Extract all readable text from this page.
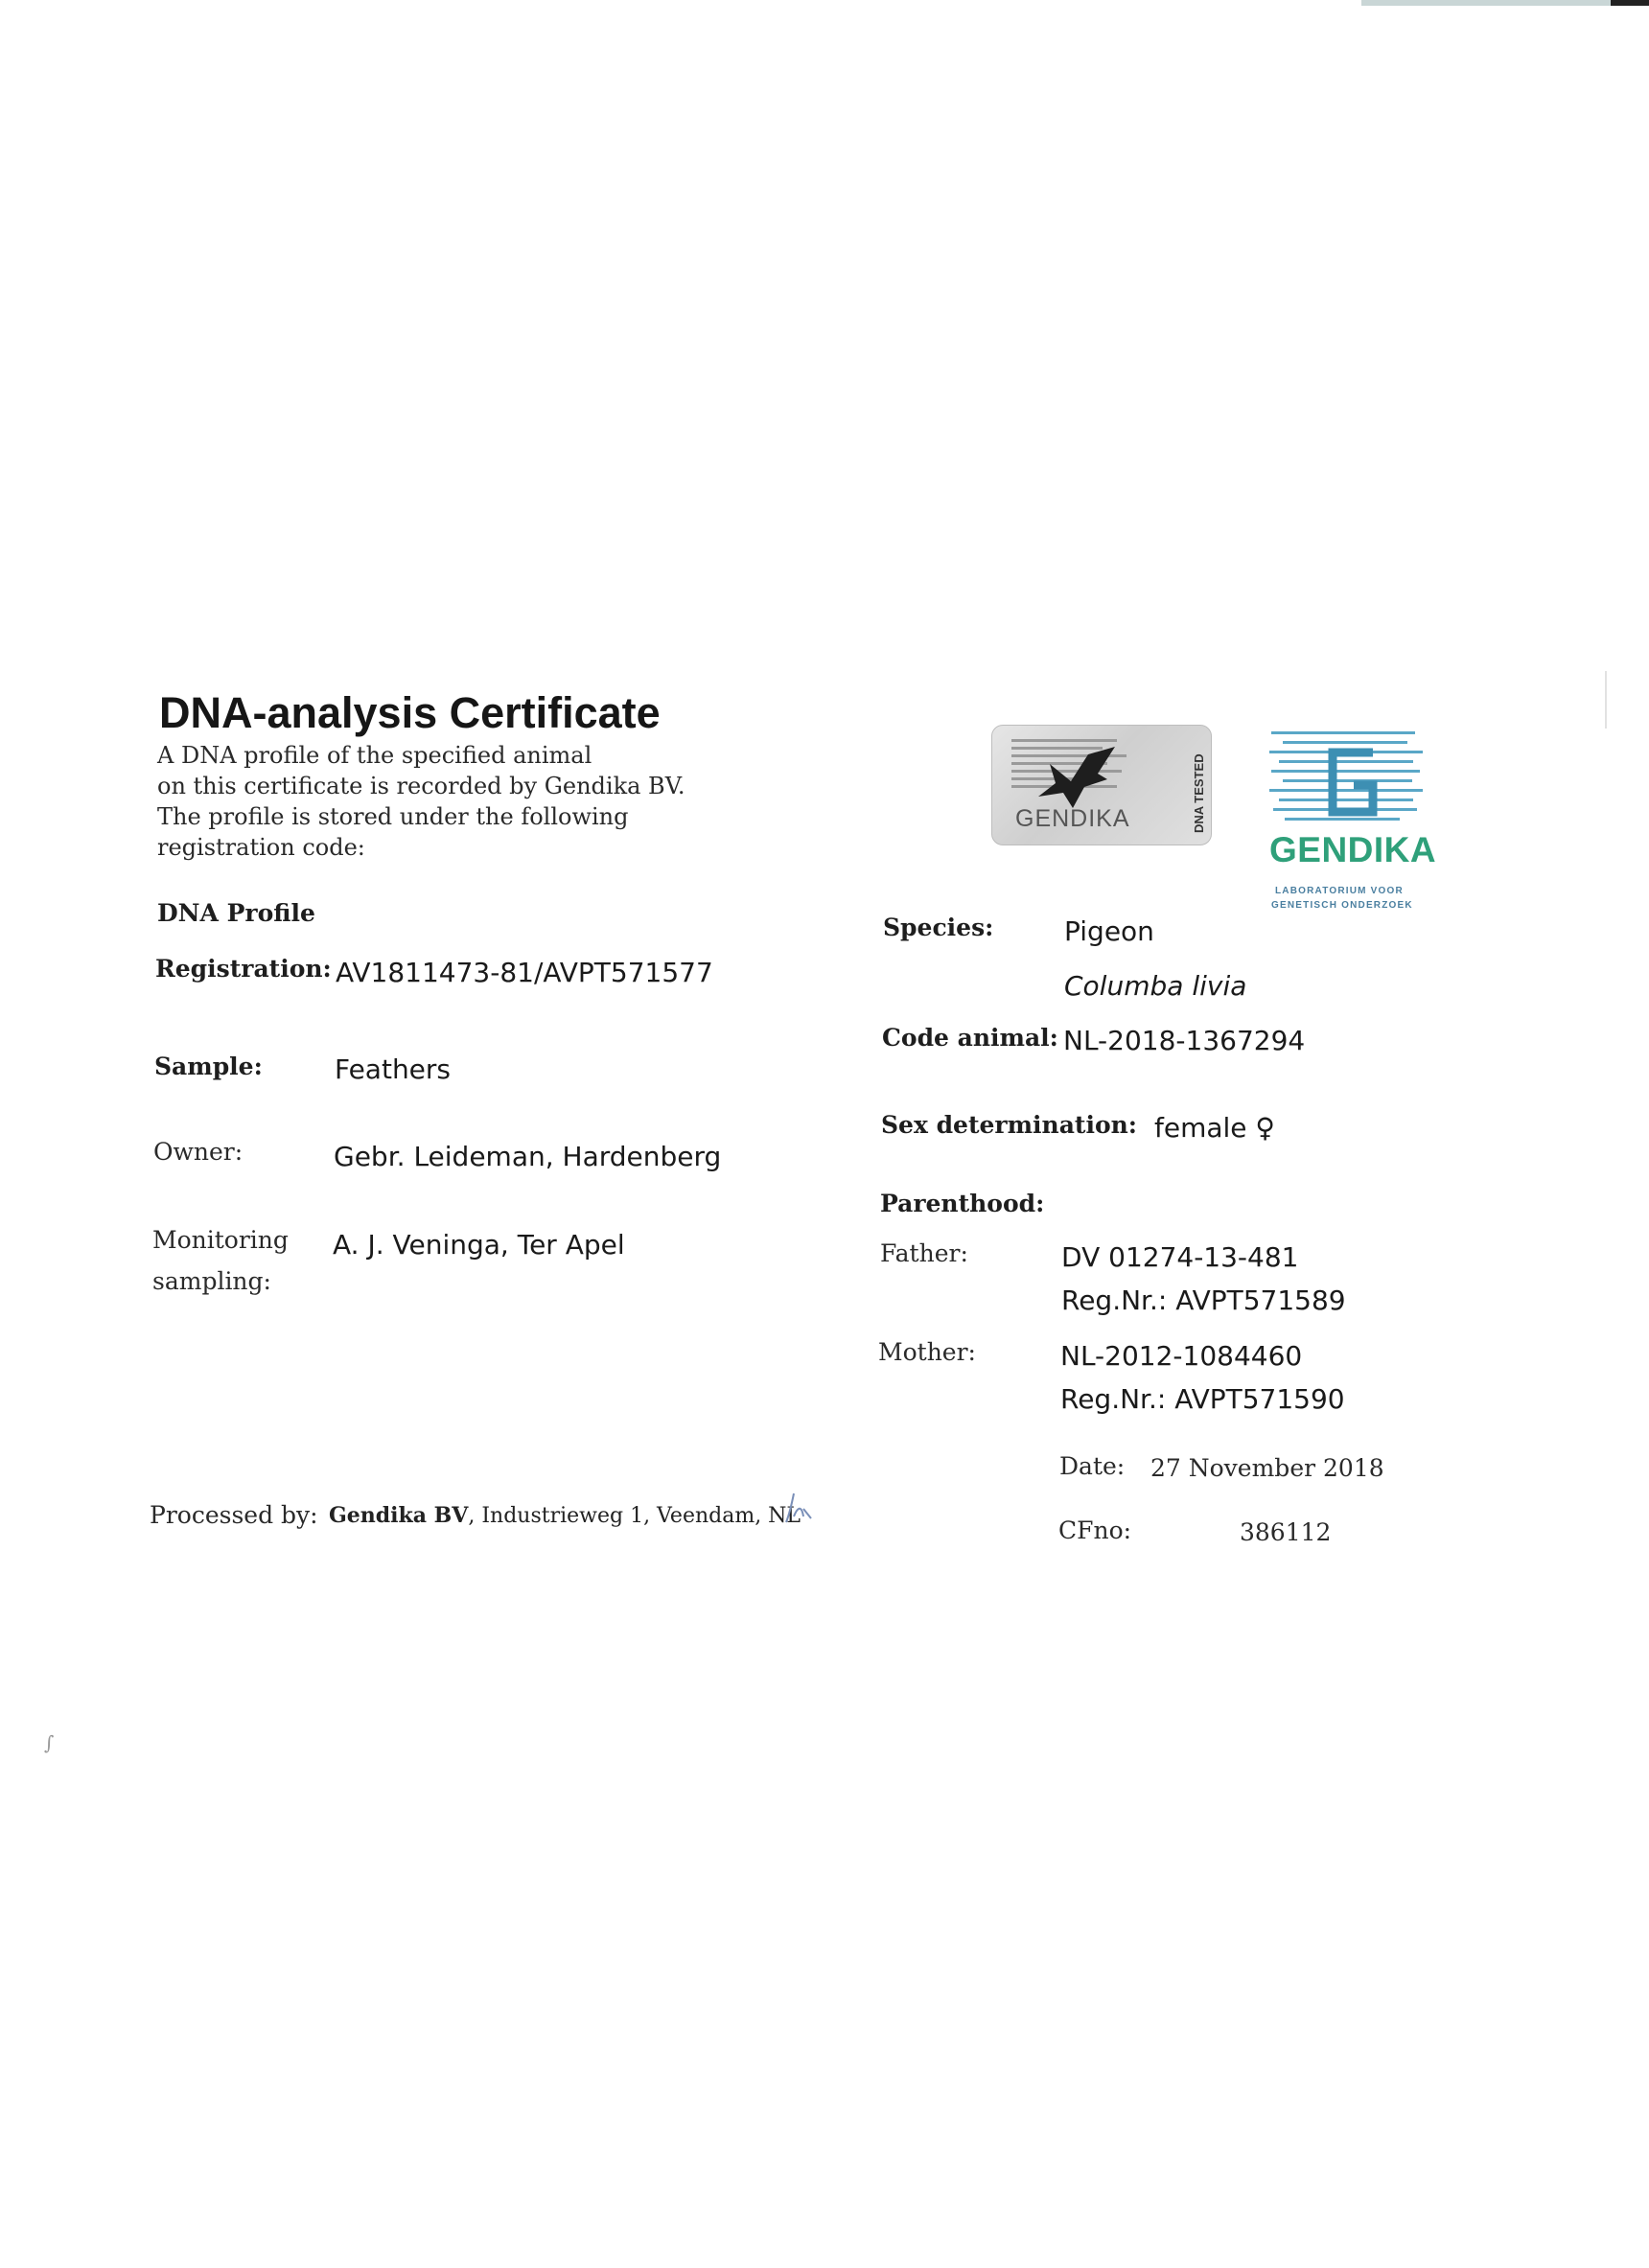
DNA-analysis Certificate
A DNA profile of the specified animal
on this certificate is recorded by Gendika BV.
The profile is stored under the following
registration code:
GENDIKA	DNA TESTED
GENDIKA
LABORATORIUM VOOR
GENETISCH ONDERZOEK
DNA Profile
Registration: AV1811473-81/AVPT571577
Sample:	Feathers
Owner:	Gebr. Leideman, Hardenberg
Monitoring
sampling:
A. J. Veninga, Ter Apel
Processed by: Gendika BV, Industrieweg 1, Veendam, NL
Species:	Pigeon
Columba livia
Code animal: NL-2018-1367294
Sex determination: female ♀
Parenthood:
Father:	DV 01274-13-481
Reg.Nr.: AVPT571589
Mother:	NL-2012-1084460
Reg.Nr.: AVPT571590
Date: 27 November 2018
CFno:	386112
∫
